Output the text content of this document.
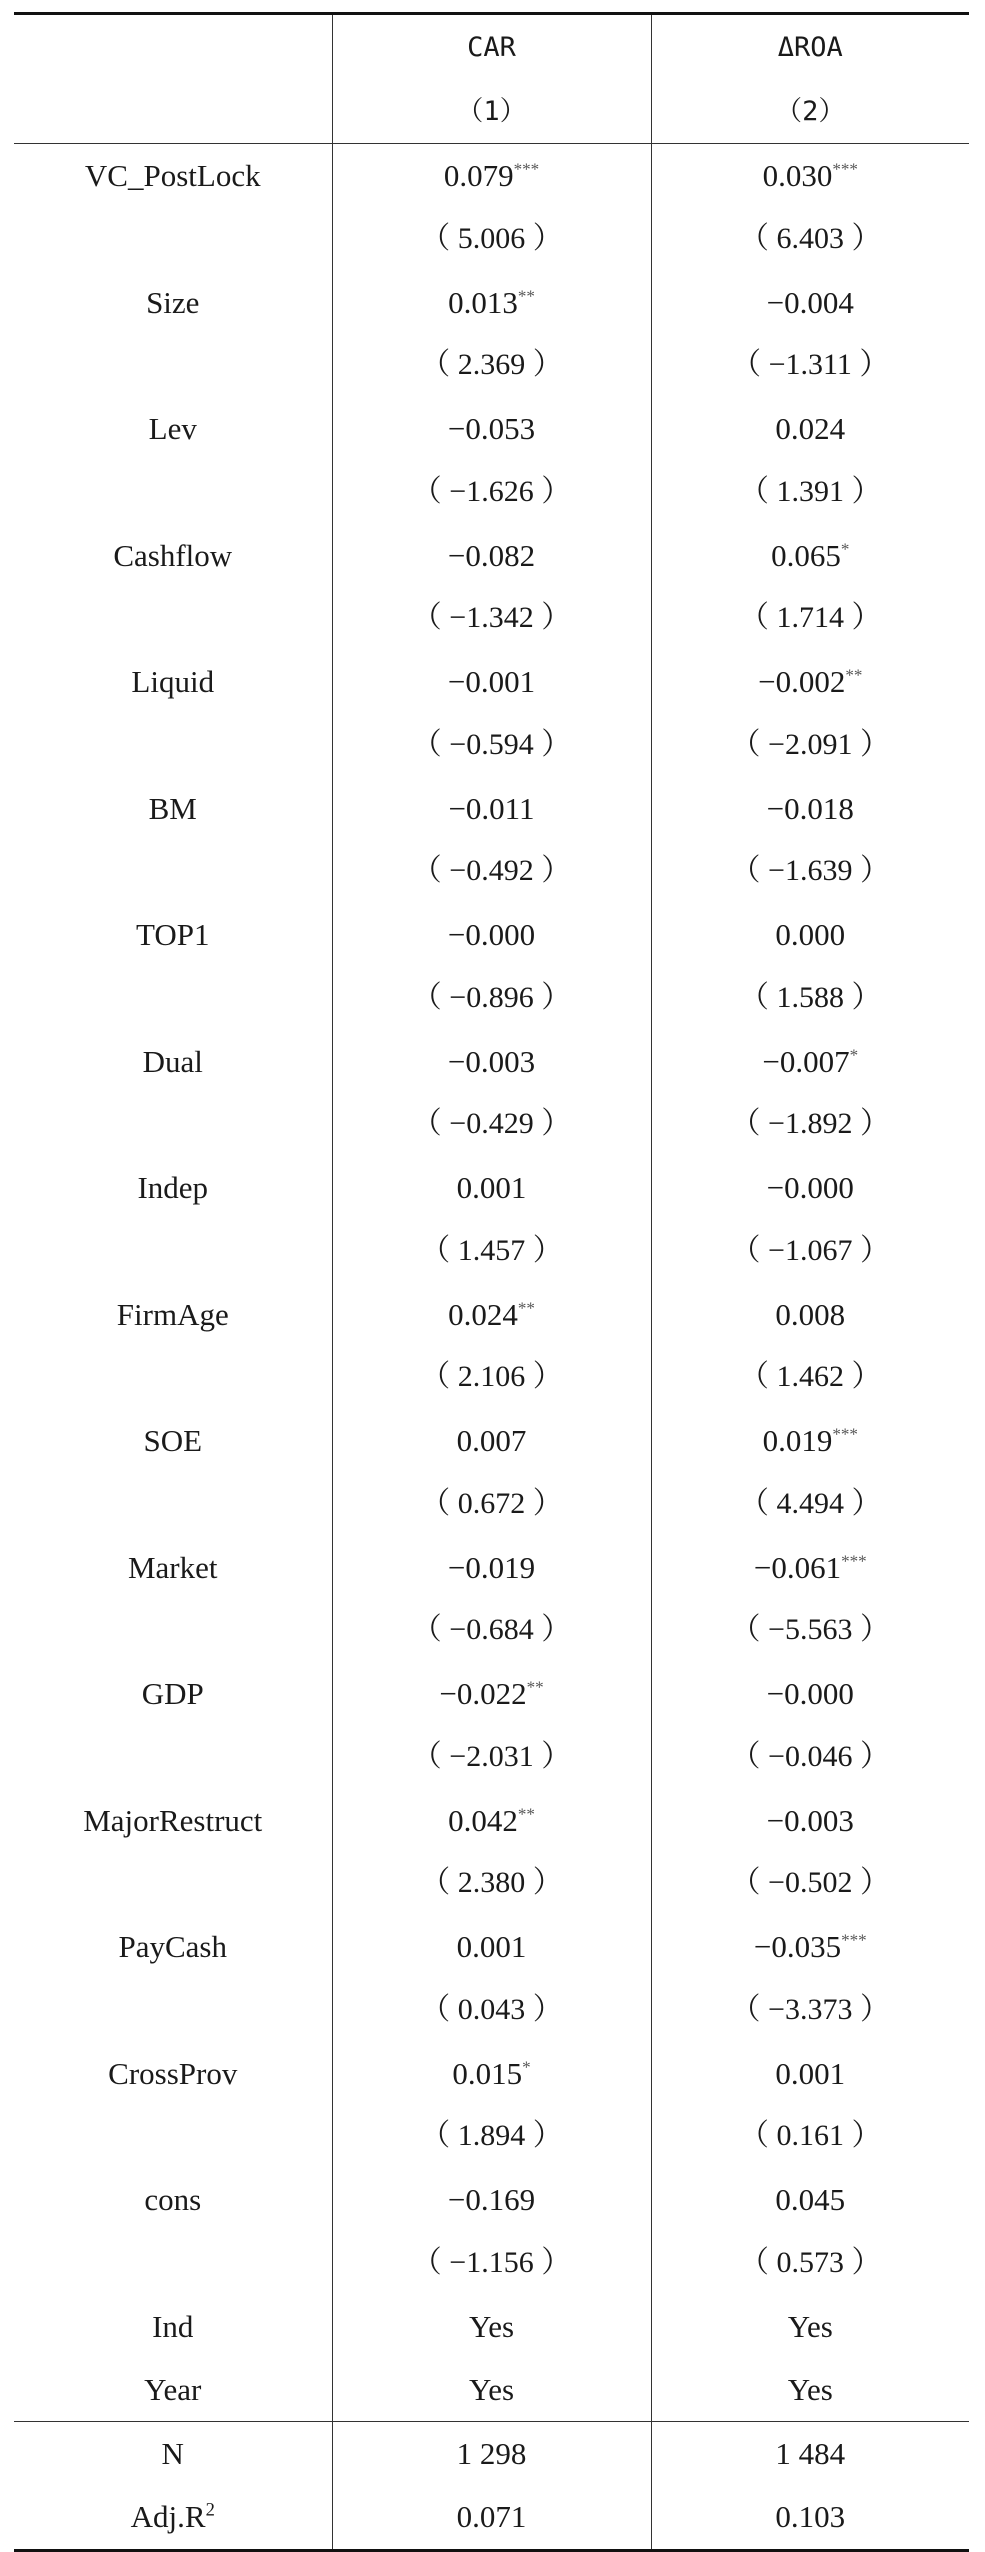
	CAR	ΔROA
	（1）	（2）
VC_PostLock	0.079***	0.030***
	（ 5.006 ）	（ 6.403 ）
Size	0.013**	−0.004
	（ 2.369 ）	（ −1.311 ）
Lev	−0.053	0.024
	（ −1.626 ）	（ 1.391 ）
Cashflow	−0.082	0.065*
	（ −1.342 ）	（ 1.714 ）
Liquid	−0.001	−0.002**
	（ −0.594 ）	（ −2.091 ）
BM	−0.011	−0.018
	（ −0.492 ）	（ −1.639 ）
TOP1	−0.000	0.000
	（ −0.896 ）	（ 1.588 ）
Dual	−0.003	−0.007*
	（ −0.429 ）	（ −1.892 ）
Indep	0.001	−0.000
	（ 1.457 ）	（ −1.067 ）
FirmAge	0.024**	0.008
	（ 2.106 ）	（ 1.462 ）
SOE	0.007	0.019***
	（ 0.672 ）	（ 4.494 ）
Market	−0.019	−0.061***
	（ −0.684 ）	（ −5.563 ）
GDP	−0.022**	−0.000
	（ −2.031 ）	（ −0.046 ）
MajorRestruct	0.042**	−0.003
	（ 2.380 ）	（ −0.502 ）
PayCash	0.001	−0.035***
	（ 0.043 ）	（ −3.373 ）
CrossProv	0.015*	0.001
	（ 1.894 ）	（ 0.161 ）
cons	−0.169	0.045
	（ −1.156 ）	（ 0.573 ）
Ind	Yes	Yes
Year	Yes	Yes
N	1 298	1 484
$Adj.R^2$	0.071	0.103
